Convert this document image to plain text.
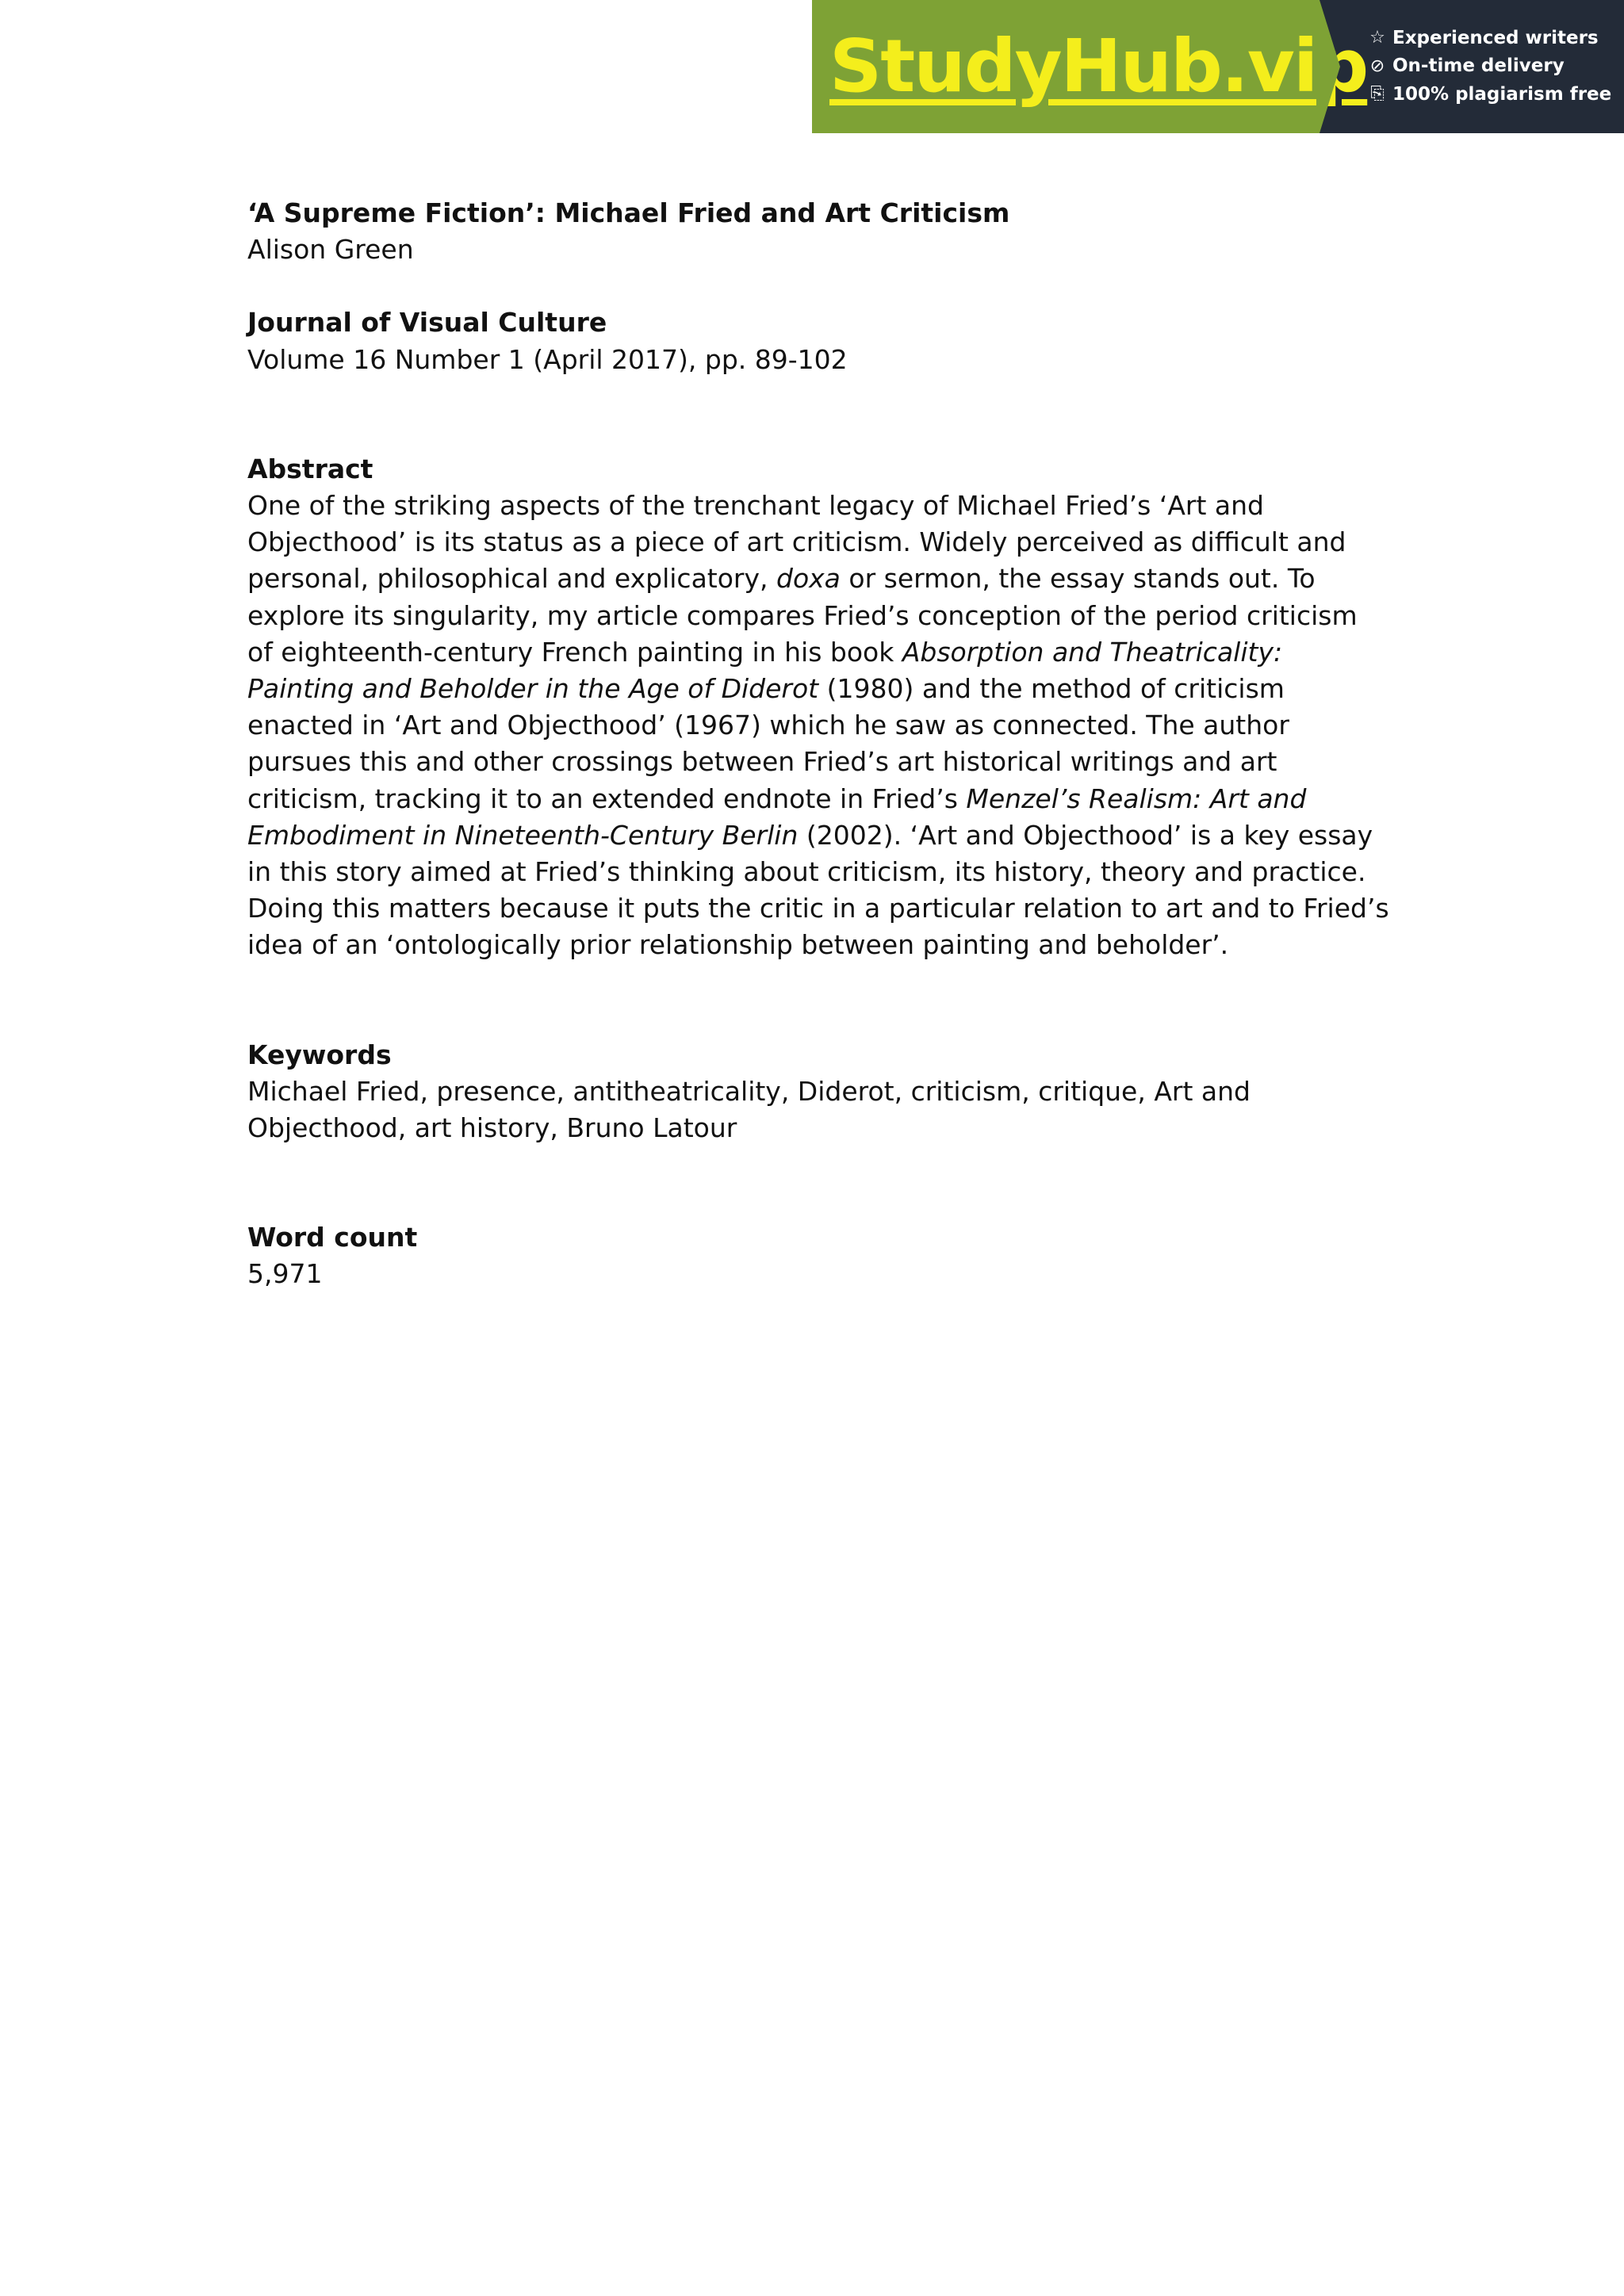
StudyHub.vip ☆ Experienced writers
⊘ On-time delivery
⎘ 100% plagiarism free

‘A Supreme Fiction’: Michael Fried and Art Criticism

Alison Green

Journal of Visual Culture

Volume 16 Number 1 (April 2017), pp. 89-102

Abstract

One of the striking aspects of the trenchant legacy of Michael Fried’s ‘Art and Objecthood’ is its status as a piece of art criticism. Widely perceived as difficult and personal, philosophical and explicatory, doxa or sermon, the essay stands out. To explore its singularity, my article compares Fried’s conception of the period criticism of eighteenth-century French painting in his book Absorption and Theatricality: Painting and Beholder in the Age of Diderot (1980) and the method of criticism enacted in ‘Art and Objecthood’ (1967) which he saw as connected. The author pursues this and other crossings between Fried’s art historical writings and art criticism, tracking it to an extended endnote in Fried’s Menzel’s Realism: Art and Embodiment in Nineteenth-Century Berlin (2002). ‘Art and Objecthood’ is a key essay in this story aimed at Fried’s thinking about criticism, its history, theory and practice. Doing this matters because it puts the critic in a particular relation to art and to Fried’s idea of an ‘ontologically prior relationship between painting and beholder’.

Keywords

Michael Fried, presence, antitheatricality, Diderot, criticism, critique, Art and Objecthood, art history, Bruno Latour

Word count

5,971
